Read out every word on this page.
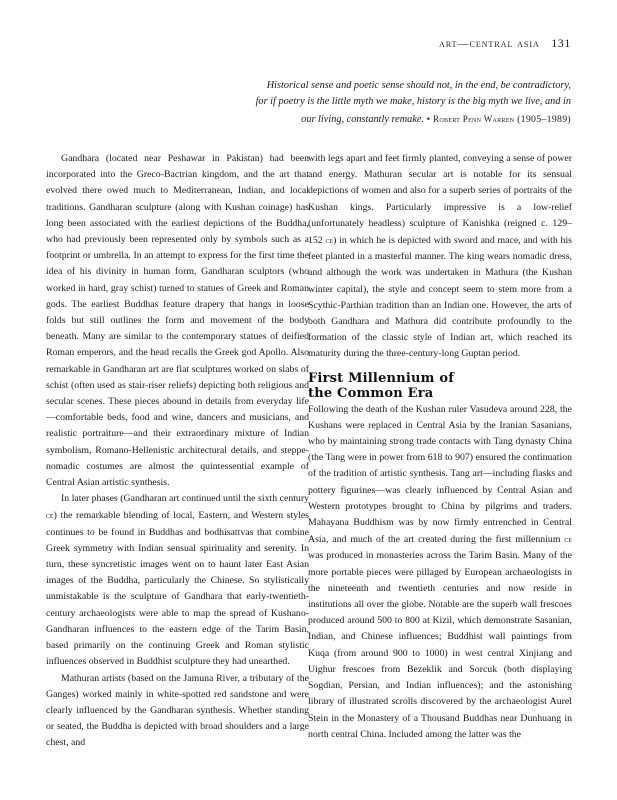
art—central asia 131
Historical sense and poetic sense should not, in the end, be contradictory,
for if poetry is the little myth we make, history is the big myth we live, and in
our living, constantly remake. • Robert Penn Warren (1905–1989)

Gandhara (located near Peshawar in Pakistan) had been incorporated into the Greco-Bactrian kingdom, and the art that evolved there owed much to Mediterranean, Indian, and local traditions. Gandharan sculpture (along with Kushan coinage) has long been associated with the earliest depictions of the Buddha, who had previously been represented only by symbols such as a footprint or umbrella. In an attempt to express for the first time the idea of his divinity in human form, Gandharan sculptors (who worked in hard, gray schist) turned to statues of Greek and Roman gods. The earliest Buddhas feature drapery that hangs in loose folds but still outlines the form and movement of the body beneath. Many are similar to the contemporary statues of deified Roman emperors, and the head recalls the Greek god Apollo. Also remarkable in Gandharan art are flat sculptures worked on slabs of schist (often used as stair-riser reliefs) depicting both religious and secular scenes. These pieces abound in details from everyday life—comfortable beds, food and wine, dancers and musicians, and realistic portraiture—and their extraordinary mixture of Indian symbolism, Romano-Hellenistic architectural details, and steppe-nomadic costumes are almost the quintessential example of Central Asian artistic synthesis.

In later phases (Gandharan art continued until the sixth century ce) the remarkable blending of local, Eastern, and Western styles continues to be found in Buddhas and bodhisattvas that combine Greek symmetry with Indian sensual spirituality and serenity. In turn, these syncretistic images went on to haunt later East Asian images of the Buddha, particularly the Chinese. So stylistically unmistakable is the sculpture of Gandhara that early-twentieth-century archaeologists were able to map the spread of Kushano-Gandharan influences to the eastern edge of the Tarim Basin, based primarily on the continuing Greek and Roman stylistic influences observed in Buddhist sculpture they had unearthed.

Mathuran artists (based on the Jamuna River, a tributary of the Ganges) worked mainly in white-spotted red sandstone and were clearly influenced by the Gandharan synthesis. Whether standing or seated, the Buddha is depicted with broad shoulders and a large chest, and

with legs apart and feet firmly planted, conveying a sense of power and energy. Mathuran secular art is notable for its sensual depictions of women and also for a superb series of portraits of the Kushan kings. Particularly impressive is a low-relief (unfortunately headless) sculpture of Kanishka (reigned c. 129–152 ce) in which he is depicted with sword and mace, and with his feet planted in a masterful manner. The king wears nomadic dress, and although the work was undertaken in Mathura (the Kushan winter capital), the style and concept seem to stem more from a Scythic-Parthian tradition than an Indian one. However, the arts of both Gandhara and Mathura did contribute profoundly to the formation of the classic style of Indian art, which reached its maturity during the three-century-long Guptan period.

First Millennium of
the Common Era

Following the death of the Kushan ruler Vasudeva around 228, the Kushans were replaced in Central Asia by the Iranian Sasanians, who by maintaining strong trade contacts with Tang dynasty China (the Tang were in power from 618 to 907) ensured the continuation of the tradition of artistic synthesis. Tang art—including flasks and pottery figurines—was clearly influenced by Central Asian and Western prototypes brought to China by pilgrims and traders. Mahayana Buddhism was by now firmly entrenched in Central Asia, and much of the art created during the first millennium ce was produced in monasteries across the Tarim Basin. Many of the more portable pieces were pillaged by European archaeologists in the nineteenth and twentieth centuries and now reside in institutions all over the globe. Notable are the superb wall frescoes produced around 500 to 800 at Kizil, which demonstrate Sasanian, Indian, and Chinese influences; Buddhist wall paintings from Kuqa (from around 900 to 1000) in west central Xinjiang and Uighur frescoes from Bezeklik and Sorcuk (both displaying Sogdian, Persian, and Indian influences); and the astonishing library of illustrated scrolls discovered by the archaeologist Aurel Stein in the Monastery of a Thousand Buddhas near Dunhuang in north central China. Included among the latter was the
